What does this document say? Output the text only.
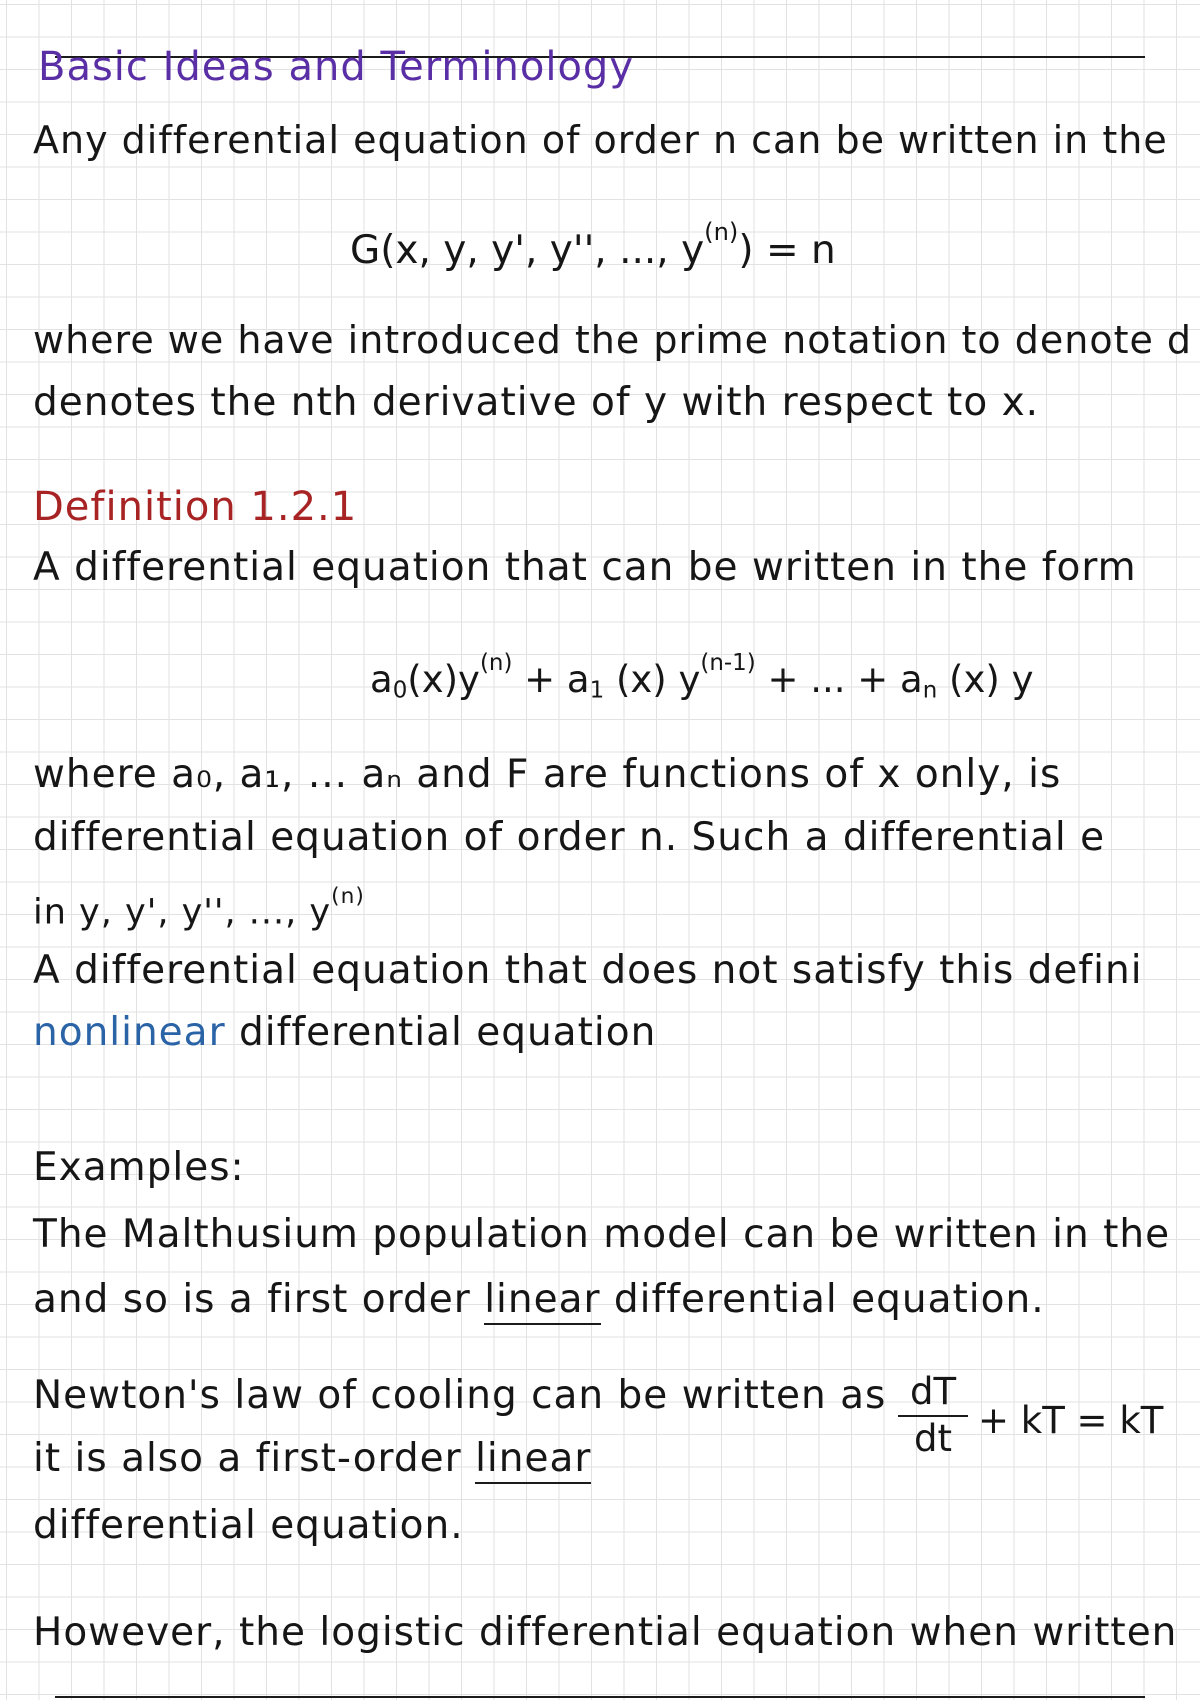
Basic Ideas and Terminology
Any differential equation of order n can be written in the
G(x, y, y', y'', ..., $y^{(n)}) = n$
where we have introduced the prime notation to denote d
denotes the nth derivative of y with respect to x.
Definition 1.2.1
A differential equation that can be written in the form
$a_0(x)y^{(n)} + a_1$ (x) $y^{(n-1)}$ + ... + $a_n$ (x) y
where a₀, a₁, ... aₙ and F are functions of x only, is
differential equation of order n. Such a differential e
in y, y', y'', ..., $y^{(n)}$
A differential equation that does not satisfy this defini
nonlinear differential equation
Examples:
The Malthusium population model can be written in the
and so is a first order linear differential equation.
Newton's law of cooling can be written as dT
dt + kT = kT
it is also a first-order linear
differential equation.
However, the logistic differential equation when written
